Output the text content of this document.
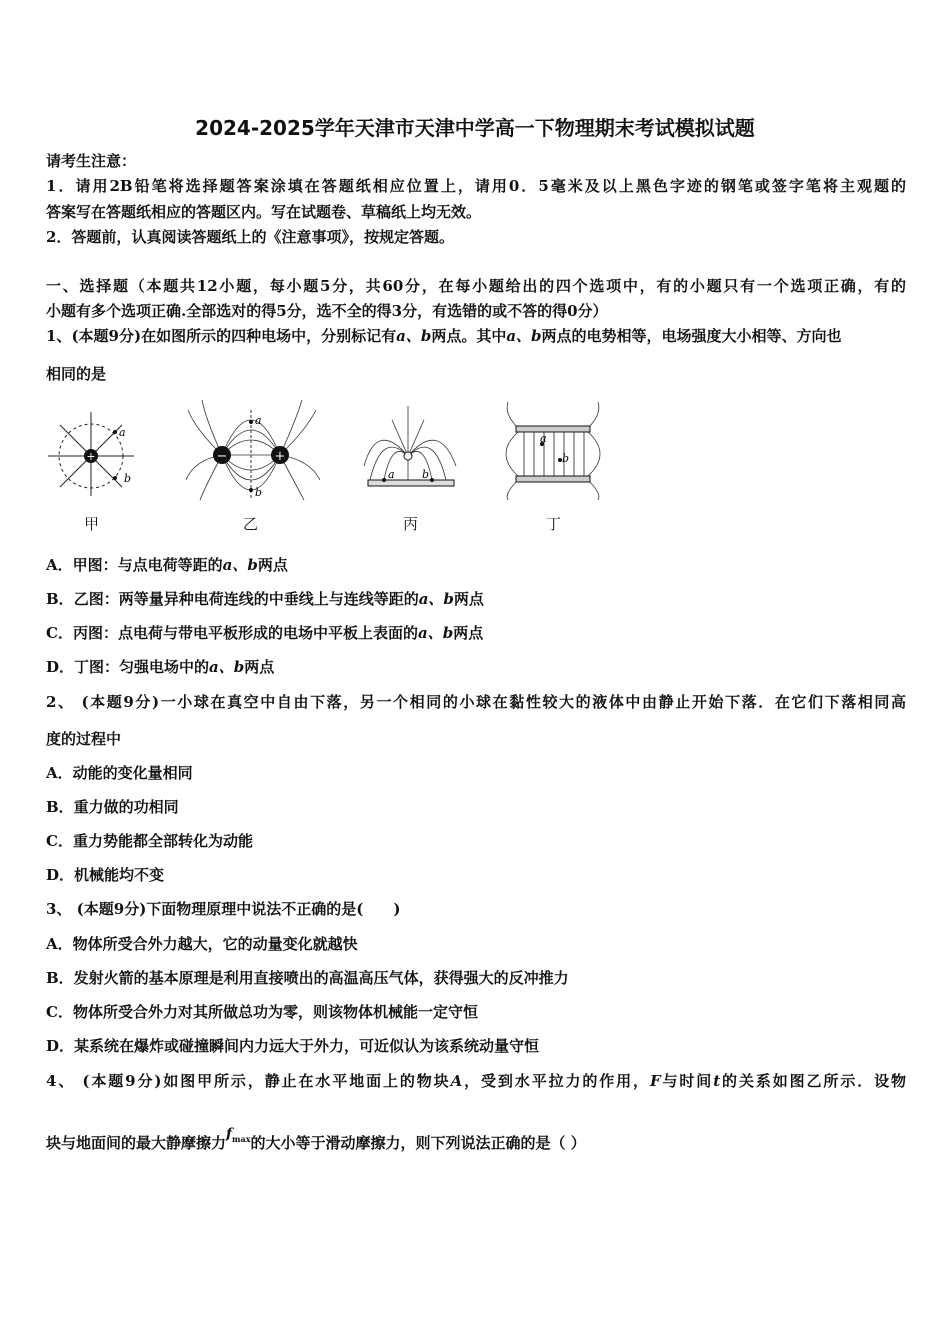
2024-2025学年天津市天津中学高一下物理期末考试模拟试题
请考生注意：
1．请用2B铅笔将选择题答案涂填在答题纸相应位置上，请用0．5毫米及以上黑色字迹的钢笔或签字笔将主观题的
答案写在答题纸相应的答题区内。写在试题卷、草稿纸上均无效。
2．答题前，认真阅读答题纸上的《注意事项》，按规定答题。
一、选择题（本题共12小题，每小题5分，共60分，在每小题给出的四个选项中，有的小题只有一个选项正确，有的
小题有多个选项正确.全部选对的得5分，选不全的得3分，有选错的或不答的得0分）
1、(本题9分)在如图所示的四种电场中，分别标记有a、b两点。其中a、b两点的电势相等，电场强度大小相等、方向也
相同的是
+
a
b
甲
−	+
a
b
乙
a b
丙
a
b
丁
A．甲图：与点电荷等距的a、b两点
B．乙图：两等量异种电荷连线的中垂线上与连线等距的a、b两点
C．丙图：点电荷与带电平板形成的电场中平板上表面的a、b两点
D．丁图：匀强电场中的a、b两点
2、 (本题9分)一小球在真空中自由下落，另一个相同的小球在黏性较大的液体中由静止开始下落．在它们下落相同高
度的过程中
A．动能的变化量相同
B．重力做的功相同
C．重力势能都全部转化为动能
D．机械能均不变
3、 (本题9分)下面物理原理中说法不正确的是(　　)
A．物体所受合外力越大，它的动量变化就越快
B．发射火箭的基本原理是利用直接喷出的高温高压气体，获得强大的反冲推力
C．物体所受合外力对其所做总功为零，则该物体机械能一定守恒
D．某系统在爆炸或碰撞瞬间内力远大于外力，可近似认为该系统动量守恒
4、 (本题9分)如图甲所示，静止在水平地面上的物块A，受到水平拉力的作用，F与时间t的关系如图乙所示．设物
块与地面间的最大静摩擦力$f_{max}$的大小等于滑动摩擦力，则下列说法正确的是（ ）
